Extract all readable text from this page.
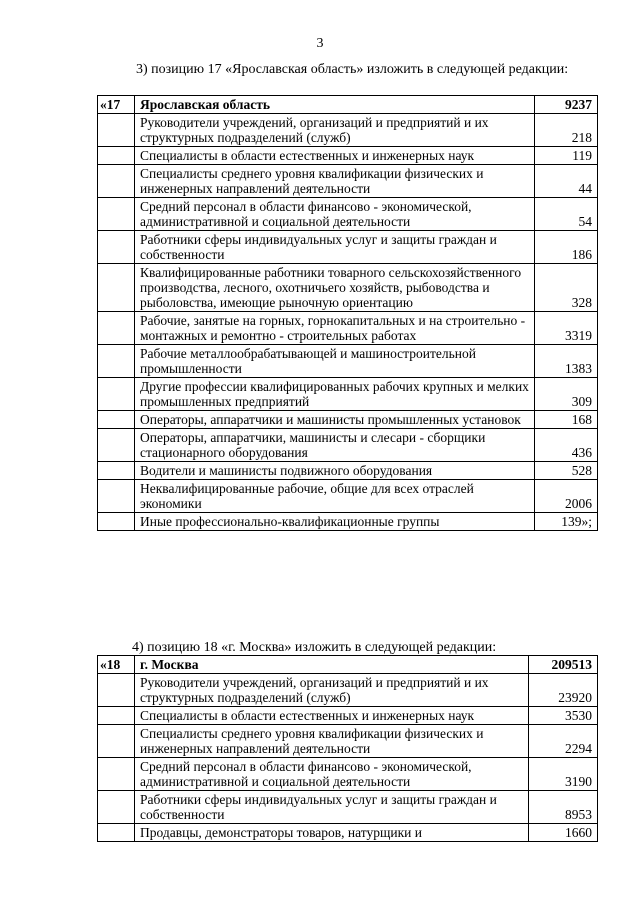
3
3) позицию 17 «Ярославская область» изложить в следующей редакции:
«17	Ярославская область	9237
	Руководители учреждений, организаций и предприятий и их структурных подразделений (служб)	218
	Специалисты в области естественных и инженерных наук	119
	Специалисты среднего уровня квалификации физических и инженерных направлений деятельности	44
	Средний персонал в области финансово - экономической, административной и социальной деятельности	54
	Работники сферы индивидуальных услуг и защиты граждан и собственности	186
	Квалифицированные работники товарного сельскохозяйственного производства, лесного, охотничьего хозяйств, рыбоводства и рыболовства, имеющие рыночную ориентацию	328
	Рабочие, занятые на горных, горнокапитальных и на строительно - монтажных и ремонтно - строительных работах	3319
	Рабочие металлообрабатывающей и машиностроительной промышленности	1383
	Другие профессии квалифицированных рабочих крупных и мелких промышленных предприятий	309
	Операторы, аппаратчики и машинисты промышленных установок	168
	Операторы, аппаратчики, машинисты и слесари - сборщики стационарного оборудования	436
	Водители и машинисты подвижного оборудования	528
	Неквалифицированные рабочие, общие для всех отраслей экономики	2006
	Иные профессионально-квалификационные группы	139»;
4) позицию 18 «г. Москва» изложить в следующей редакции:
«18	г. Москва	209513
	Руководители учреждений, организаций и предприятий и их структурных подразделений (служб)	23920
	Специалисты в области естественных и инженерных наук	3530
	Специалисты среднего уровня квалификации физических и инженерных направлений деятельности	2294
	Средний персонал в области финансово - экономической, административной и социальной деятельности	3190
	Работники сферы индивидуальных услуг и защиты граждан и собственности	8953
	Продавцы, демонстраторы товаров, натурщики и	1660
